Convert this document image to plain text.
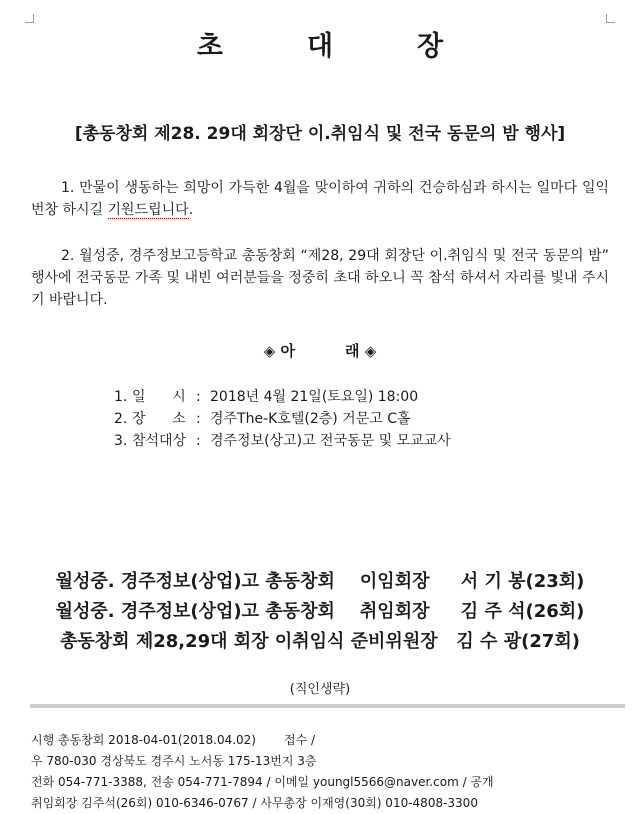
초	대	장
[총동창회 제28. 29대 회장단 이.취임식 및 전국 동문의 밤 행사]
1. 만물이 생동하는 희망이 가득한 4월을 맞이하여 귀하의 건승하심과 하시는 일마다 일익번창 하시길 기원드립니다.
2. 월성중, 경주정보고등학교 총동창회 “제28, 29대 회장단 이.취임식 및 전국 동문의 밤” 행사에 전국동문 가족 및 내빈 여러분들을 정중히 초대 하오니 꼭 참석 하셔서 자리를 빛내 주시기 바랍니다.
◈ 아	래 ◈
1. 일      시 : 2018년 4월 21일(토요일) 18:00
2. 장      소 : 경주The-K호텔(2층) 거문고 C홀
3. 참석대상 : 경주정보(상고)고 전국동문 및 모교교사
월성중. 경주정보(상업)고 총동창회    이임회장     서 기 봉(23회)
월성중. 경주정보(상업)고 총동창회    취임회장     김 주 석(26회)
총동창회 제28,29대 회장 이취임식 준비위원장   김 수 광(27회)
(직인생략)
시행 총동창회 2018-04-01(2018.04.02) 접수 /
우 780-030 경상북도 경주시 노서동 175-13번지 3층
전화 054-771-3388, 전송 054-771-7894 / 이메일 youngl5566@naver.com / 공개
취임회장 김주석(26회) 010-6346-0767 / 사무총장 이재영(30회) 010-4808-3300
